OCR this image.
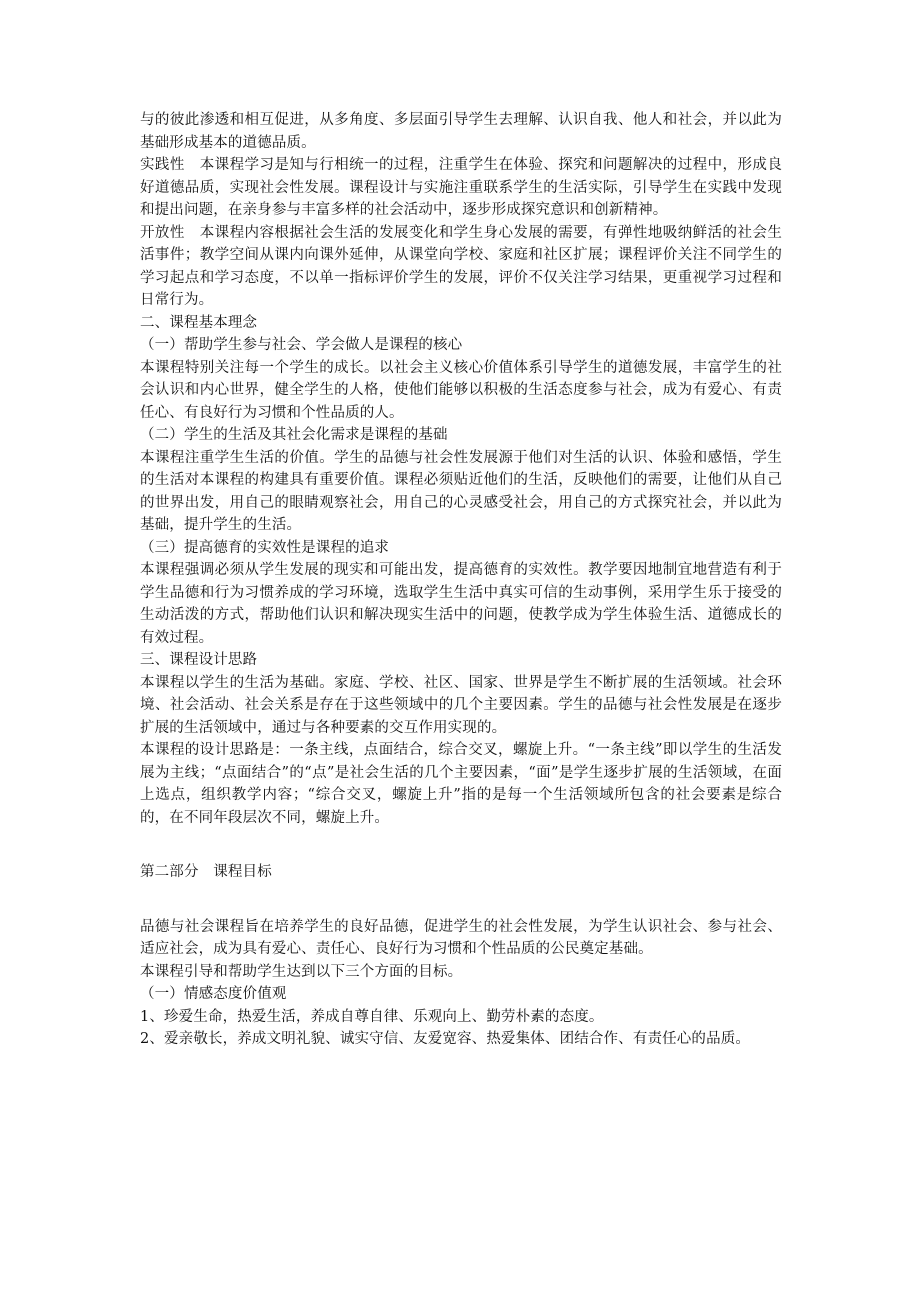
与的彼此渗透和相互促进，从多角度、多层面引导学生去理解、认识自我、他人和社会，并以此为基础形成基本的道德品质。

实践性　本课程学习是知与行相统一的过程，注重学生在体验、探究和问题解决的过程中，形成良好道德品质，实现社会性发展。课程设计与实施注重联系学生的生活实际，引导学生在实践中发现和提出问题，在亲身参与丰富多样的社会活动中，逐步形成探究意识和创新精神。

开放性　本课程内容根据社会生活的发展变化和学生身心发展的需要，有弹性地吸纳鲜活的社会生活事件；教学空间从课内向课外延伸，从课堂向学校、家庭和社区扩展；课程评价关注不同学生的学习起点和学习态度，不以单一指标评价学生的发展，评价不仅关注学习结果，更重视学习过程和日常行为。

二、课程基本理念

（一）帮助学生参与社会、学会做人是课程的核心

本课程特别关注每一个学生的成长。以社会主义核心价值体系引导学生的道德发展，丰富学生的社会认识和内心世界，健全学生的人格，使他们能够以积极的生活态度参与社会，成为有爱心、有责任心、有良好行为习惯和个性品质的人。

（二）学生的生活及其社会化需求是课程的基础

本课程注重学生生活的价值。学生的品德与社会性发展源于他们对生活的认识、体验和感悟，学生的生活对本课程的构建具有重要价值。课程必须贴近他们的生活，反映他们的需要，让他们从自己的世界出发，用自己的眼睛观察社会，用自己的心灵感受社会，用自己的方式探究社会，并以此为基础，提升学生的生活。

（三）提高德育的实效性是课程的追求

本课程强调必须从学生发展的现实和可能出发，提高德育的实效性。教学要因地制宜地营造有利于学生品德和行为习惯养成的学习环境，选取学生生活中真实可信的生动事例，采用学生乐于接受的生动活泼的方式，帮助他们认识和解决现实生活中的问题，使教学成为学生体验生活、道德成长的有效过程。

三、课程设计思路

本课程以学生的生活为基础。家庭、学校、社区、国家、世界是学生不断扩展的生活领域。社会环境、社会活动、社会关系是存在于这些领域中的几个主要因素。学生的品德与社会性发展是在逐步扩展的生活领域中，通过与各种要素的交互作用实现的。

本课程的设计思路是：一条主线，点面结合，综合交叉，螺旋上升。“一条主线”即以学生的生活发展为主线；“点面结合”的“点”是社会生活的几个主要因素，“面”是学生逐步扩展的生活领域，在面上选点，组织教学内容；“综合交叉，螺旋上升”指的是每一个生活领域所包含的社会要素是综合的，在不同年段层次不同，螺旋上升。

第二部分　课程目标

品德与社会课程旨在培养学生的良好品德，促进学生的社会性发展，为学生认识社会、参与社会、适应社会，成为具有爱心、责任心、良好行为习惯和个性品质的公民奠定基础。

本课程引导和帮助学生达到以下三个方面的目标。

（一）情感态度价值观

1、珍爱生命，热爱生活，养成自尊自律、乐观向上、勤劳朴素的态度。

2、爱亲敬长，养成文明礼貌、诚实守信、友爱宽容、热爱集体、团结合作、有责任心的品质。
